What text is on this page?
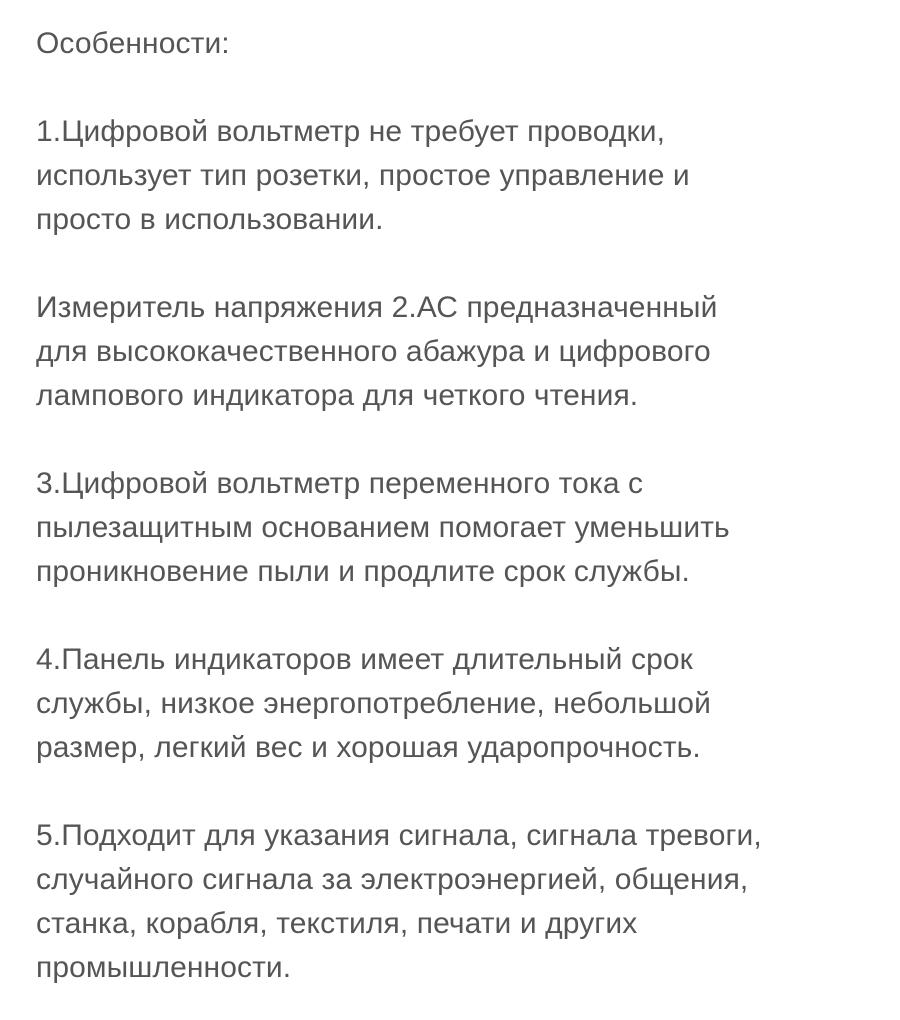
Особенности:
1.Цифровой вольтметр не требует проводки,
использует тип розетки, простое управление и
просто в использовании.
Измеритель напряжения 2.АС предназначенный
для высококачественного абажура и цифрового
лампового индикатора для четкого чтения.
3.Цифровой вольтметр переменного тока с
пылезащитным основанием помогает уменьшить
проникновение пыли и продлите срок службы.
4.Панель индикаторов имеет длительный срок
службы, низкое энергопотребление, небольшой
размер, легкий вес и хорошая ударопрочность.
5.Подходит для указания сигнала, сигнала тревоги,
случайного сигнала за электроэнергией, общения,
станка, корабля, текстиля, печати и других
промышленности.
